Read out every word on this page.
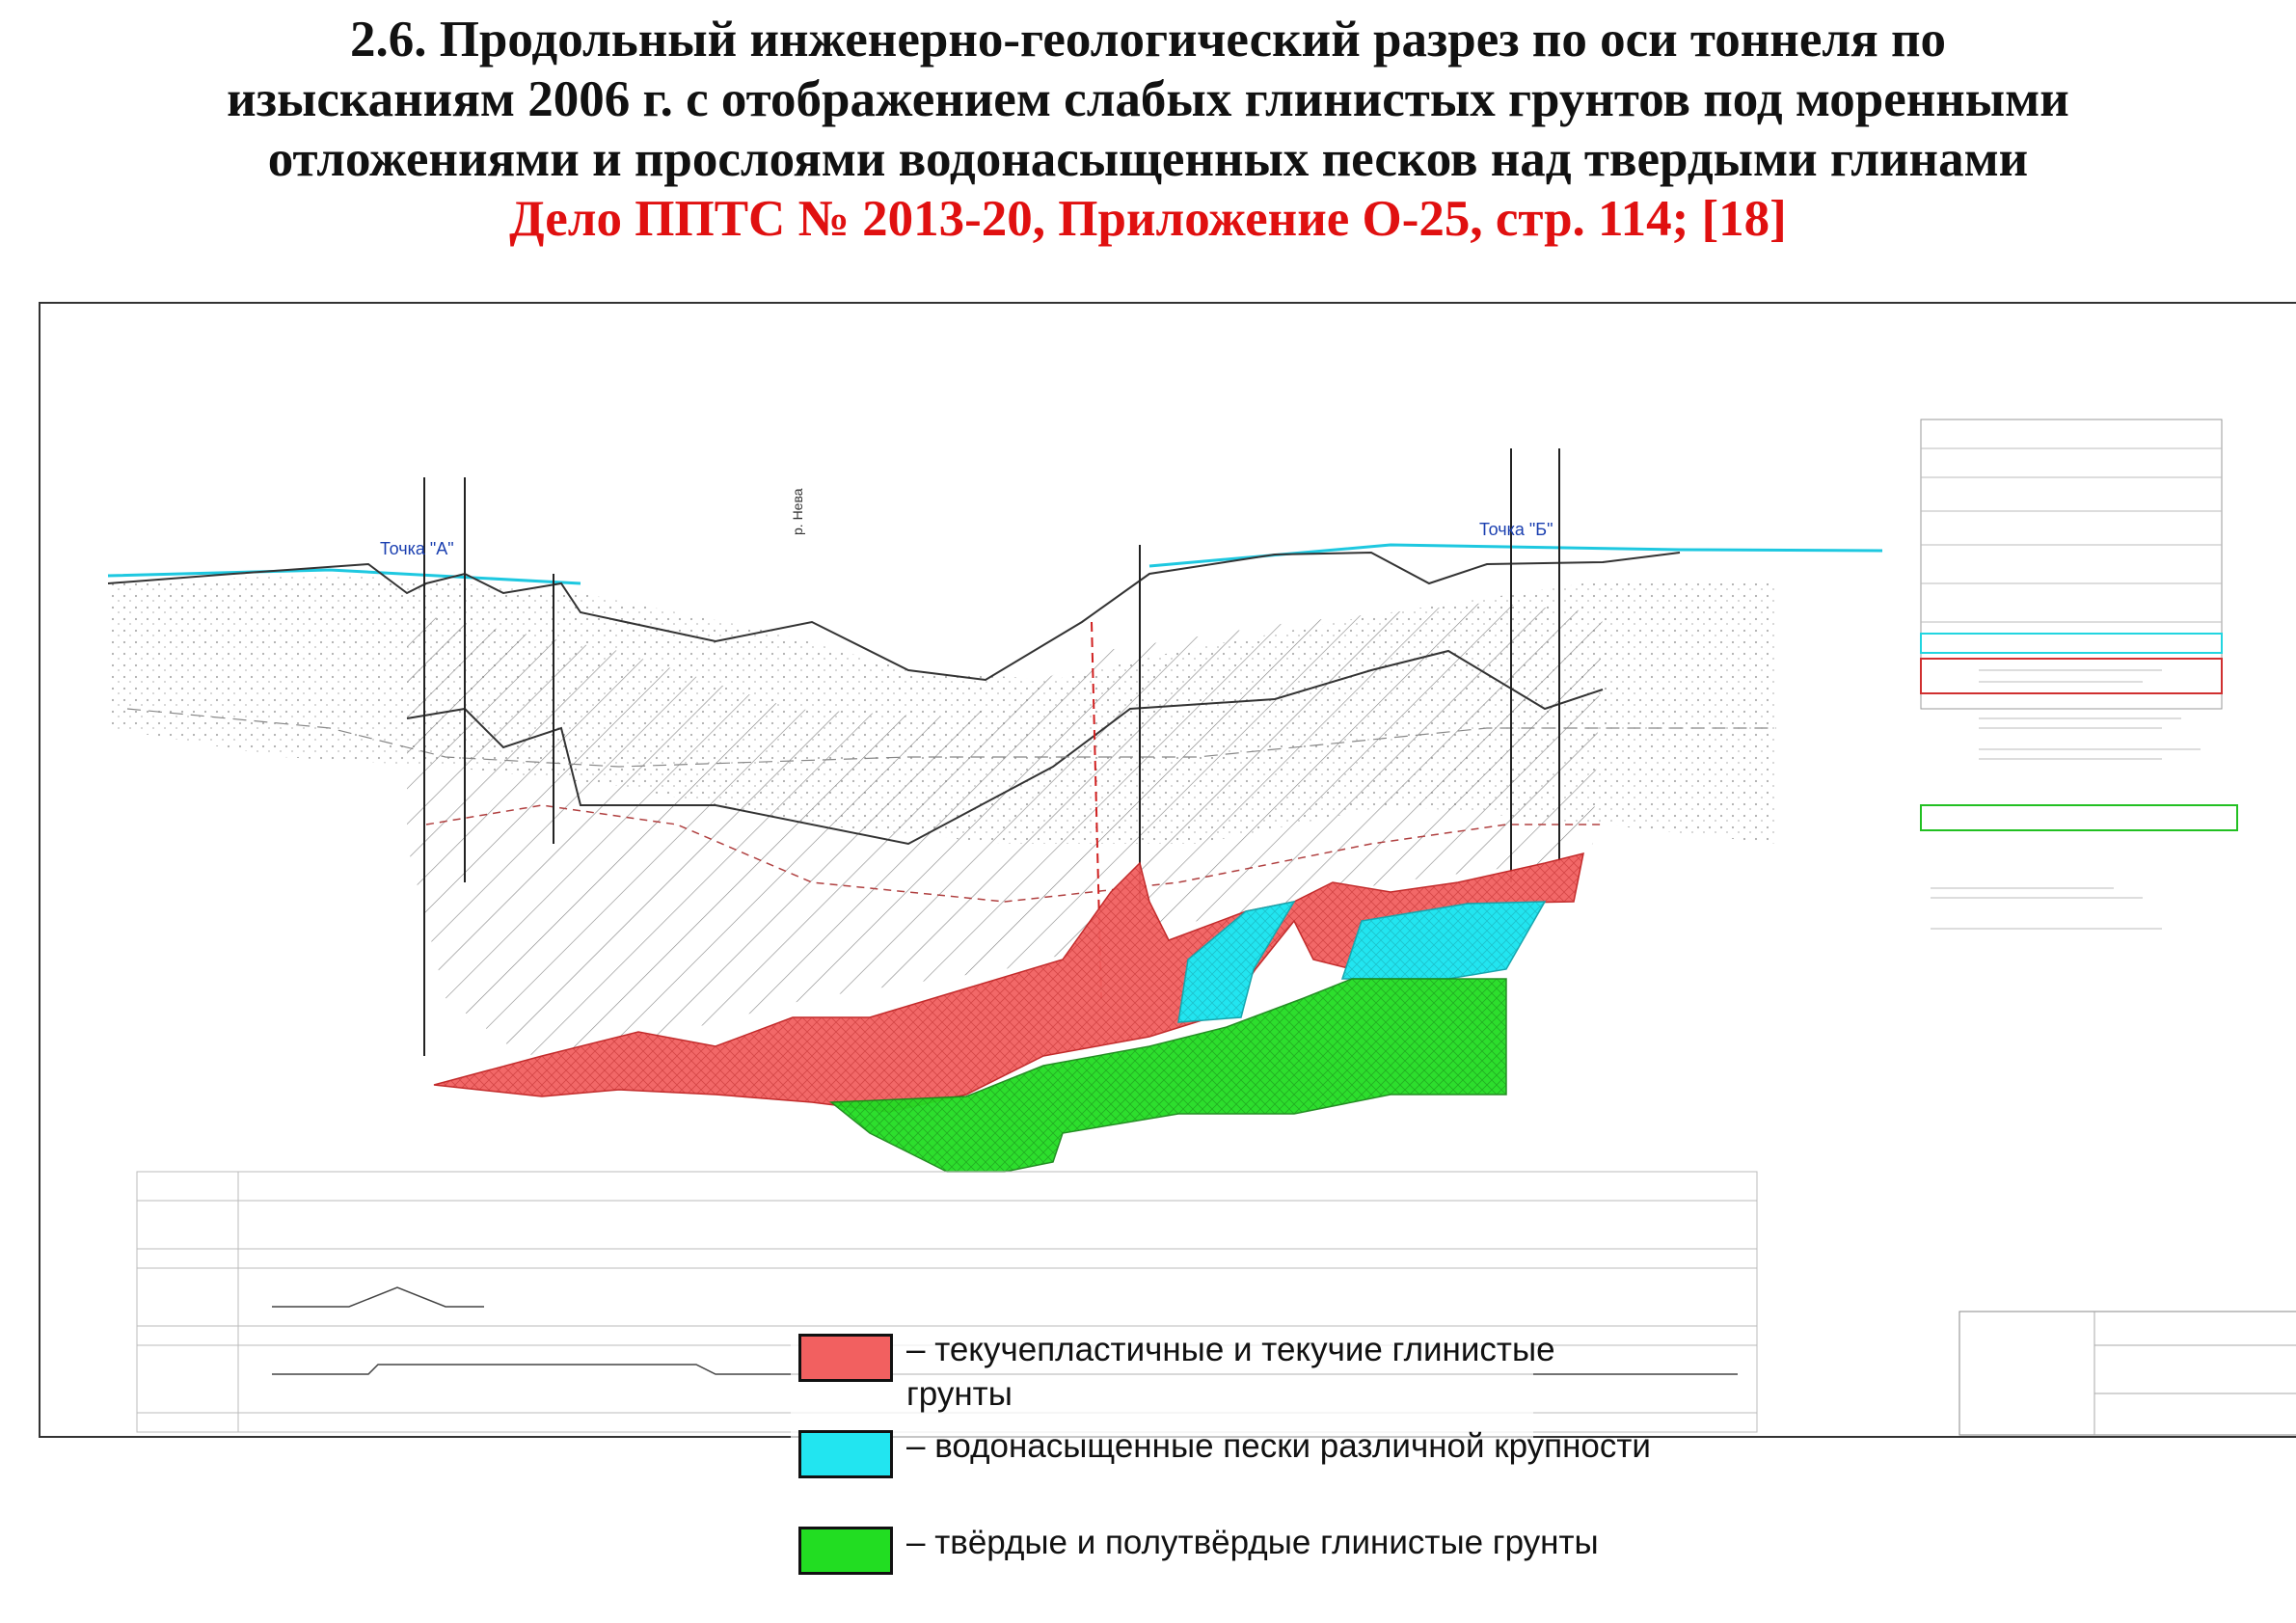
2.6. Продольный инженерно-геологический разрез по оси тоннеля по
изысканиям 2006 г. с отображением слабых глинистых грунтов под моренными
отложениями и прослоями водонасыщенных песков над твердыми глинами
Дело ППТС № 2013-20, Приложение О-25, стр. 114; [18]
Точка "А"
Точка "Б"
р. Нева
– текучепластичные и текучие глинистые грунты
– водонасыщенные пески различной крупности
– твёрдые и полутвёрдые глинистые грунты
